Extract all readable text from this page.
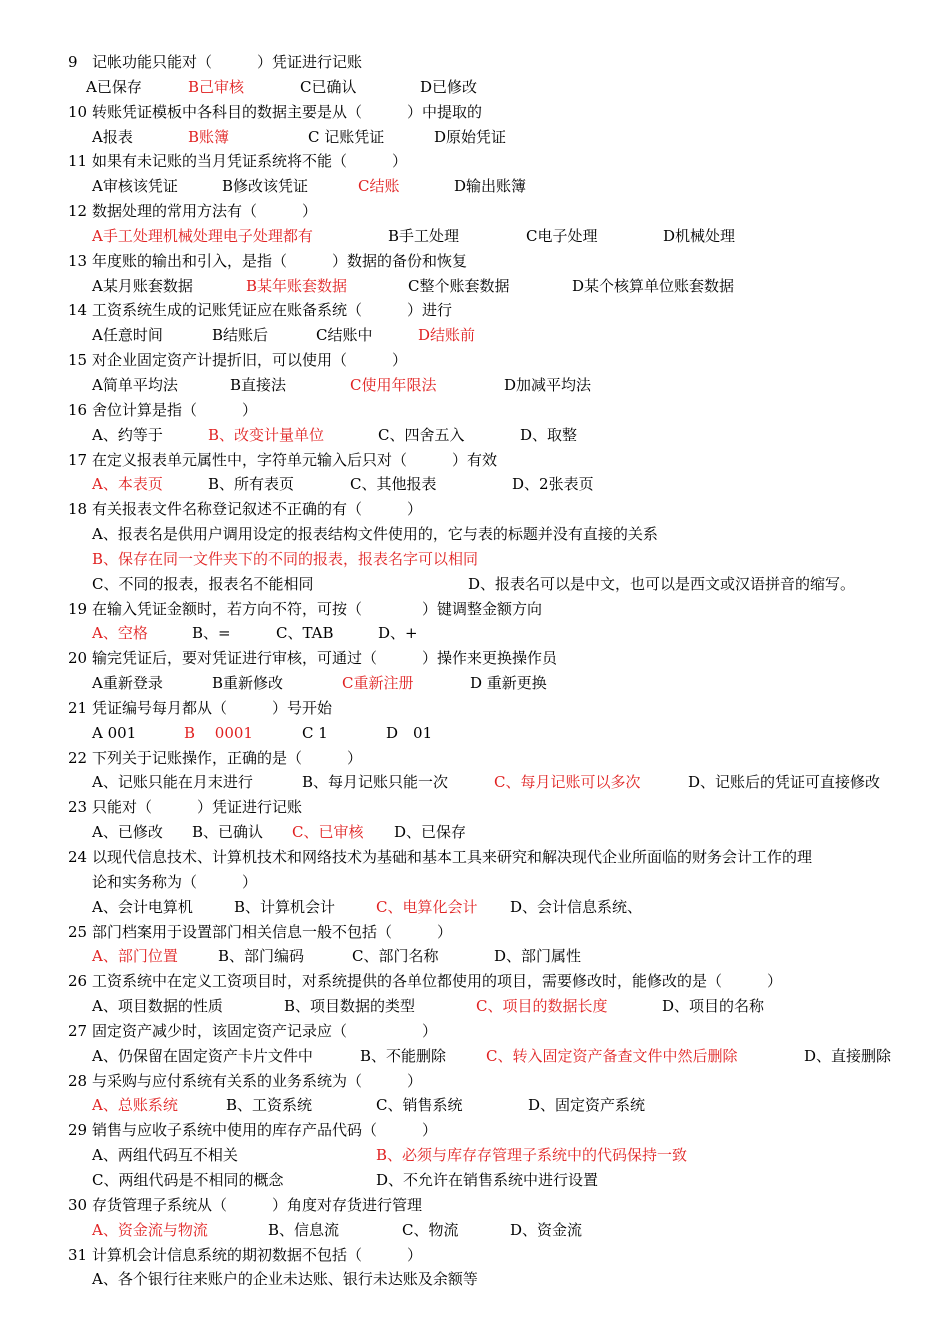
9 记帐功能只能对（　　　）凭证进行记账
A已保存	B己审核	C已确认	D已修改
10 转账凭证模板中各科目的数据主要是从（　　　）中提取的
A报表	B账簿	C 记账凭证	D原始凭证
11 如果有未记账的当月凭证系统将不能（　　　）
A审核该凭证	B修改该凭证	C结账	D输出账簿
12 数据处理的常用方法有（　　　）
A手工处理机械处理电子处理都有	B手工处理	C电子处理	D机械处理
13 年度账的输出和引入，是指（　　　）数据的备份和恢复
A某月账套数据	B某年账套数据	C整个账套数据	D某个核算单位账套数据
14 工资系统生成的记账凭证应在账备系统（　　　）进行
A任意时间	B结账后	C结账中	D结账前
15 对企业固定资产计提折旧，可以使用（　　　）
A简单平均法	B直接法	C使用年限法	D加减平均法
16 舍位计算是指（　　　）
A、约等于	B、改变计量单位	C、四舍五入	D、取整
17 在定义报表单元属性中，字符单元输入后只对（　　　）有效
A、本表页	B、所有表页	C、其他报表	D、2张表页
18 有关报表文件名称登记叙述不正确的有（　　　）
A、报表名是供用户调用设定的报表结构文件使用的，它与表的标题并没有直接的关系
B、保存在同一文件夹下的不同的报表，报表名字可以相同
C、不同的报表，报表名不能相同	D、报表名可以是中文，也可以是西文或汉语拼音的缩写。
19 在输入凭证金额时，若方向不符，可按（　　　　）键调整金额方向
A、空格	B、=	C、TAB	D、+
20 输完凭证后，要对凭证进行审核，可通过（　　　）操作来更换操作员
A重新登录	B重新修改	C重新注册	D 重新更换
21 凭证编号每月都从（　　　）号开始
A 001	B　 0001	C 1	D　01
22 下列关于记账操作，正确的是（　　　）
A、记账只能在月末进行	B、每月记账只能一次	C、每月记账可以多次	D、记账后的凭证可直接修改
23 只能对（　　　）凭证进行记账
A、已修改 B、已确认 C、已审核 D、已保存
24 以现代信息技术、计算机技术和网络技术为基础和基本工具来研究和解决现代企业所面临的财务会计工作的理
论和实务称为（　　　）
A、会计电算机	B、计算机会计	C、电算化会计 D、会计信息系统、
25 部门档案用于设置部门相关信息一般不包括（　　　）
A、部门位置	B、部门编码	C、部门名称	D、部门属性
26 工资系统中在定义工资项目时，对系统提供的各单位都使用的项目，需要修改时，能修改的是（　　　）
A、项目数据的性质	B、项目数据的类型	C、项目的数据长度	D、项目的名称
27 固定资产减少时，该固定资产记录应（　　　　　）
A、仍保留在固定资产卡片文件中	B、不能删除	C、转入固定资产备查文件中然后删除	D、直接删除
28 与采购与应付系统有关系的业务系统为（　　　）
A、总账系统	B、工资系统	C、销售系统	D、固定资产系统
29 销售与应收子系统中使用的库存产品代码（　　　）
A、两组代码互不相关	B、必须与库存存管理子系统中的代码保持一致
C、两组代码是不相同的概念	D、不允许在销售系统中进行设置
30 存货管理子系统从（　　　）角度对存货进行管理
A、资金流与物流	B、信息流	C、物流	D、资金流
31 计算机会计信息系统的期初数据不包括（　　　）
A、各个银行往来账户的企业未达账、银行未达账及余额等
